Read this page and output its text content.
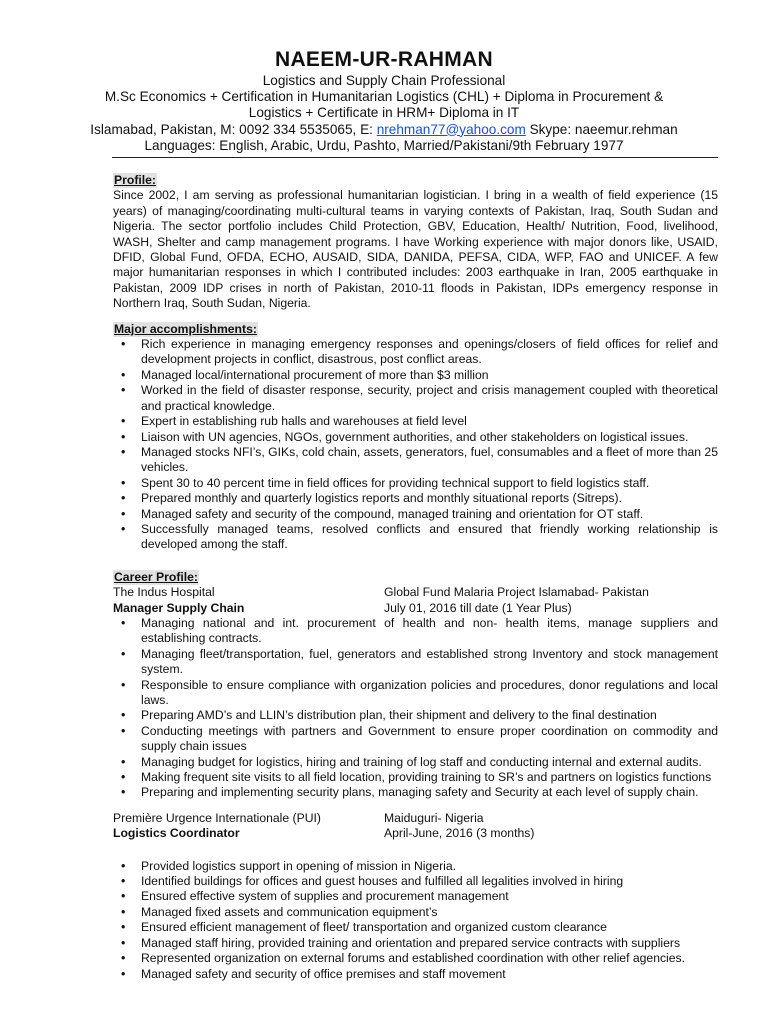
NAEEM-UR-RAHMAN
Logistics and Supply Chain Professional
M.Sc Economics + Certification in Humanitarian Logistics (CHL) + Diploma in Procurement &
Logistics + Certificate in HRM+ Diploma in IT
Islamabad, Pakistan, M: 0092 334 5535065, E: nrehman77@yahoo.com Skype: naeemur.rehman
Languages: English, Arabic, Urdu, Pashto, Married/Pakistani/9th February 1977
Profile:

Since 2002, I am serving as professional humanitarian logistician. I bring in a wealth of field experience (15 years) of managing/coordinating multi-cultural teams in varying contexts of Pakistan, Iraq, South Sudan and Nigeria. The sector portfolio includes Child Protection, GBV, Education, Health/ Nutrition, Food, livelihood, WASH, Shelter and camp management programs. I have Working experience with major donors like, USAID, DFID, Global Fund, OFDA, ECHO, AUSAID, SIDA, DANIDA, PEFSA, CIDA, WFP, FAO and UNICEF. A few major humanitarian responses in which I contributed includes: 2003 earthquake in Iran, 2005 earthquake in Pakistan, 2009 IDP crises in north of Pakistan, 2010-11 floods in Pakistan, IDPs emergency response in Northern Iraq, South Sudan, Nigeria.

Major accomplishments:
• Rich experience in managing emergency responses and openings/closers of field offices for relief and development projects in conflict, disastrous, post conflict areas.
• Managed local/international procurement of more than $3 million
• Worked in the field of disaster response, security, project and crisis management coupled with theoretical and practical knowledge.
• Expert in establishing rub halls and warehouses at field level
• Liaison with UN agencies, NGOs, government authorities, and other stakeholders on logistical issues.
• Managed stocks NFI’s, GIKs, cold chain, assets, generators, fuel, consumables and a fleet of more than 25 vehicles.
• Spent 30 to 40 percent time in field offices for providing technical support to field logistics staff.
• Prepared monthly and quarterly logistics reports and monthly situational reports (Sitreps).
• Managed safety and security of the compound, managed training and orientation for OT staff.
• Successfully managed teams, resolved conflicts and ensured that friendly working relationship is developed among the staff.
Career Profile:
The Indus Hospital	Global Fund Malaria Project Islamabad- Pakistan
Manager Supply Chain	July 01, 2016 till date (1 Year Plus)
• Managing national and int. procurement of health and non- health items, manage suppliers and establishing contracts.
• Managing fleet/transportation, fuel, generators and established strong Inventory and stock management system.
• Responsible to ensure compliance with organization policies and procedures, donor regulations and local laws.
• Preparing AMD’s and LLIN’s distribution plan, their shipment and delivery to the final destination
• Conducting meetings with partners and Government to ensure proper coordination on commodity and supply chain issues
• Managing budget for logistics, hiring and training of log staff and conducting internal and external audits.
• Making frequent site visits to all field location, providing training to SR’s and partners on logistics functions
• Preparing and implementing security plans, managing safety and Security at each level of supply chain.
Première Urgence Internationale (PUI)	Maiduguri- Nigeria
Logistics Coordinator	April-June, 2016 (3 months)
• Provided logistics support in opening of mission in Nigeria.
• Identified buildings for offices and guest houses and fulfilled all legalities involved in hiring
• Ensured effective system of supplies and procurement management
• Managed fixed assets and communication equipment’s
• Ensured efficient management of fleet/ transportation and organized custom clearance
• Managed staff hiring, provided training and orientation and prepared service contracts with suppliers
• Represented organization on external forums and established coordination with other relief agencies.
• Managed safety and security of office premises and staff movement
